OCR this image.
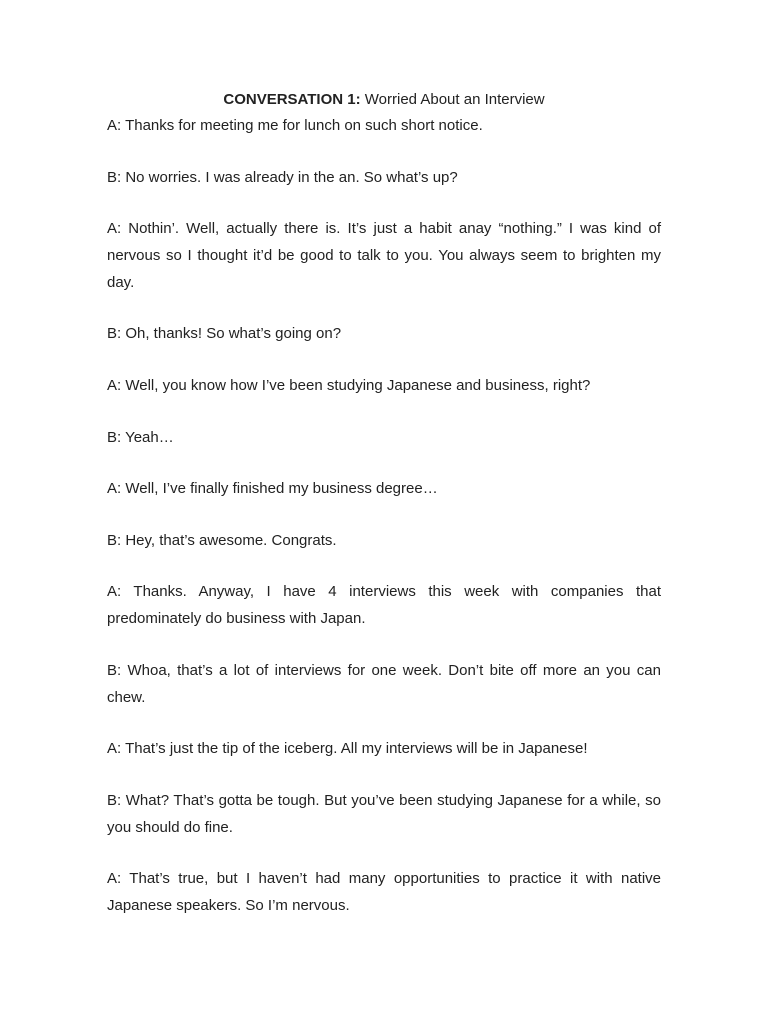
CONVERSATION 1: Worried About an Interview

A: Thanks for meeting me for lunch on such short notice.

B: No worries. I was already in the an. So what’s up?

A: Nothin’. Well, actually there is. It’s just a habit anay “nothing.” I was kind of nervous so I thought it’d be good to talk to you. You always seem to brighten my day.

B: Oh, thanks! So what’s going on?

A: Well, you know how I’ve been studying Japanese and business, right?

B: Yeah…

A: Well, I’ve finally finished my business degree…

B: Hey, that’s awesome. Congrats.

A: Thanks. Anyway, I have 4 interviews this week with companies that predominately do business with Japan.

B: Whoa, that’s a lot of interviews for one week. Don’t bite off more an you can chew.

A: That’s just the tip of the iceberg. All my interviews will be in Japanese!

B: What? That’s gotta be tough. But you’ve been studying Japanese for a while, so you should do fine.

A: That’s true, but I haven’t had many opportunities to practice it with native Japanese speakers. So I’m nervous.
